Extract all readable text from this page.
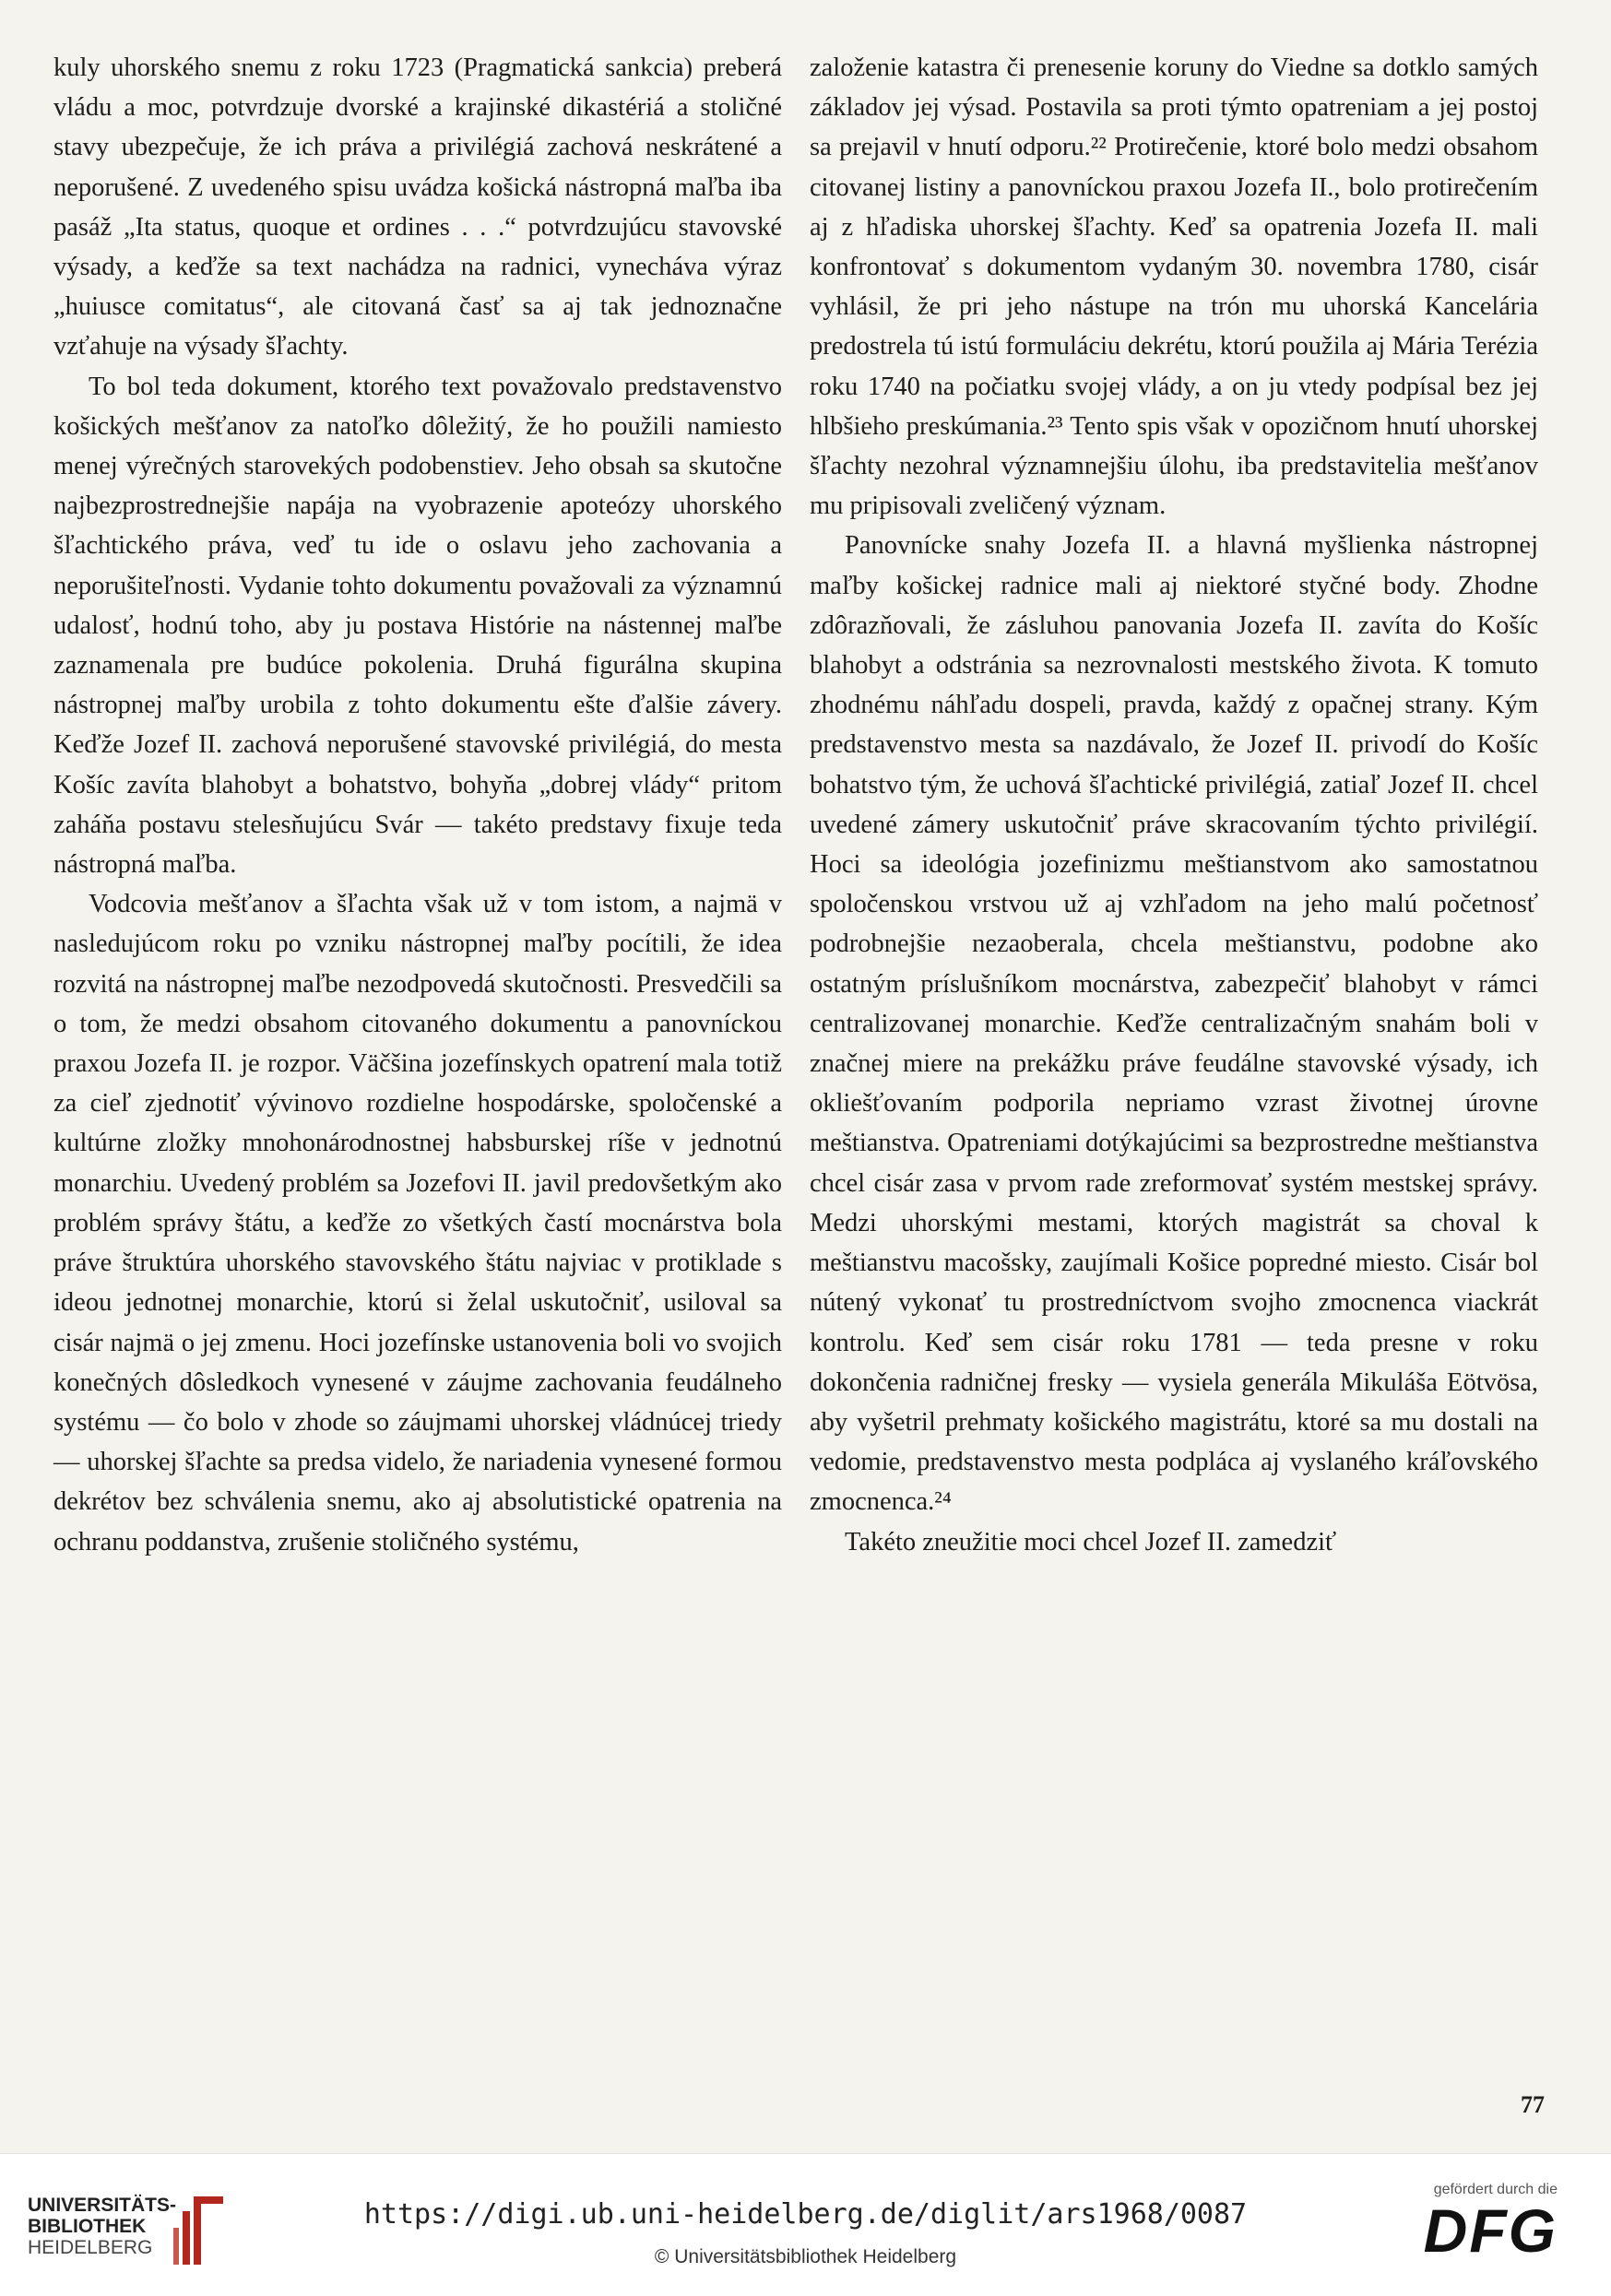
kuly uhorského snemu z roku 1723 (Pragmatická sankcia) preberá vládu a moc, potvrdzuje dvorské a krajinské dikastériá a stoličné stavy ubezpečuje, že ich práva a privilégiá zachová neskrátené a neporušené. Z uvedeného spisu uvádza košická nástropná maľba iba pasáž „Ita status, quoque et ordines . . .“ potvrdzujúcu stavovské výsady, a keďže sa text nachádza na radnici, vynecháva výraz „huiusce comitatus“, ale citovaná časť sa aj tak jednoznačne vzťahuje na výsady šľachty.

To bol teda dokument, ktorého text považovalo predstavenstvo košických mešťanov za natoľko dôležitý, že ho použili namiesto menej výrečných starovekých podobenstiev. Jeho obsah sa skutočne najbezprostrednejšie napája na vyobrazenie apoteózy uhorského šľachtického práva, veď tu ide o oslavu jeho zachovania a neporušiteľnosti. Vydanie tohto dokumentu považovali za významnú udalosť, hodnú toho, aby ju postava Histórie na nástennej maľbe zaznamenala pre budúce pokolenia. Druhá figurálna skupina nástropnej maľby urobila z tohto dokumentu ešte ďalšie závery. Keďže Jozef II. zachová neporušené stavovské privilégiá, do mesta Košíc zavíta blahobyt a bohatstvo, bohyňa „dobrej vlády“ pritom zaháňa postavu stelesňujúcu Svár — takéto predstavy fixuje teda nástropná maľba.

Vodcovia mešťanov a šľachta však už v tom istom, a najmä v nasledujúcom roku po vzniku nástropnej maľby pocítili, že idea rozvitá na nástropnej maľbe nezodpovedá skutočnosti. Presvedčili sa o tom, že medzi obsahom citovaného dokumentu a panovníckou praxou Jozefa II. je rozpor. Väčšina jozefínskych opatrení mala totiž za cieľ zjednotiť vývinovo rozdielne hospodárske, spoločenské a kultúrne zložky mnohonárodnostnej habsburskej ríše v jednotnú monarchiu. Uvedený problém sa Jozefovi II. javil predovšetkým ako problém správy štátu, a keďže zo všetkých častí mocnárstva bola práve štruktúra uhorského stavovského štátu najviac v protiklade s ideou jednotnej monarchie, ktorú si želal uskutočniť, usiloval sa cisár najmä o jej zmenu. Hoci jozefínske ustanovenia boli vo svojich konečných dôsledkoch vynesené v záujme zachovania feudálneho systému — čo bolo v zhode so záujmami uhorskej vládnúcej triedy — uhorskej šľachte sa predsa videlo, že nariadenia vynesené formou dekrétov bez schválenia snemu, ako aj absolutistické opatrenia na ochranu poddanstva, zrušenie stoličného systému,

založenie katastra či prenesenie koruny do Viedne sa dotklo samých základov jej výsad. Postavila sa proti týmto opatreniam a jej postoj sa prejavil v hnutí odporu.²² Protirečenie, ktoré bolo medzi obsahom citovanej listiny a panovníckou praxou Jozefa II., bolo protirečením aj z hľadiska uhorskej šľachty. Keď sa opatrenia Jozefa II. mali konfrontovať s dokumentom vydaným 30. novembra 1780, cisár vyhlásil, že pri jeho nástupe na trón mu uhorská Kancelária predostrela tú istú formuláciu dekrétu, ktorú použila aj Mária Terézia roku 1740 na počiatku svojej vlády, a on ju vtedy podpísal bez jej hlbšieho preskúmania.²³ Tento spis však v opozičnom hnutí uhorskej šľachty nezohral významnejšiu úlohu, iba predstavitelia mešťanov mu pripisovali zveličený význam.

Panovnícke snahy Jozefa II. a hlavná myšlienka nástropnej maľby košickej radnice mali aj niektoré styčné body. Zhodne zdôrazňovali, že zásluhou panovania Jozefa II. zavíta do Košíc blahobyt a odstránia sa nezrovnalosti mestského života. K tomuto zhodnému náhľadu dospeli, pravda, každý z opačnej strany. Kým predstavenstvo mesta sa nazdávalo, že Jozef II. privodí do Košíc bohatstvo tým, že uchová šľachtické privilégiá, zatiaľ Jozef II. chcel uvedené zámery uskutočniť práve skracovaním týchto privilégií. Hoci sa ideológia jozefinizmu meštianstvom ako samostatnou spoločenskou vrstvou už aj vzhľadom na jeho malú početnosť podrobnejšie nezaoberala, chcela meštianstvu, podobne ako ostatným príslušníkom mocnárstva, zabezpečiť blahobyt v rámci centralizovanej monarchie. Keďže centralizačným snahám boli v značnej miere na prekážku práve feudálne stavovské výsady, ich okliešťovaním podporila nepriamo vzrast životnej úrovne meštianstva. Opatreniami dotýkajúcimi sa bezprostredne meštianstva chcel cisár zasa v prvom rade zreformovať systém mestskej správy. Medzi uhorskými mestami, ktorých magistrát sa choval k meštianstvu macošsky, zaujímali Košice popredné miesto. Cisár bol nútený vykonať tu prostredníctvom svojho zmocnenca viackrát kontrolu. Keď sem cisár roku 1781 — teda presne v roku dokončenia radničnej fresky — vysiela generála Mikuláša Eötvösa, aby vyšetril prehmaty košického magistrátu, ktoré sa mu dostali na vedomie, predstavenstvo mesta podpláca aj vyslaného kráľovského zmocnenca.²⁴

Takéto zneužitie moci chcel Jozef II. zamedziť

77
UNIVERSITÄTS-
BIBLIOTHEK
HEIDELBERG
https://digi.ub.uni-heidelberg.de/diglit/ars1968/0087
© Universitätsbibliothek Heidelberg
gefördert durch die
DFG
